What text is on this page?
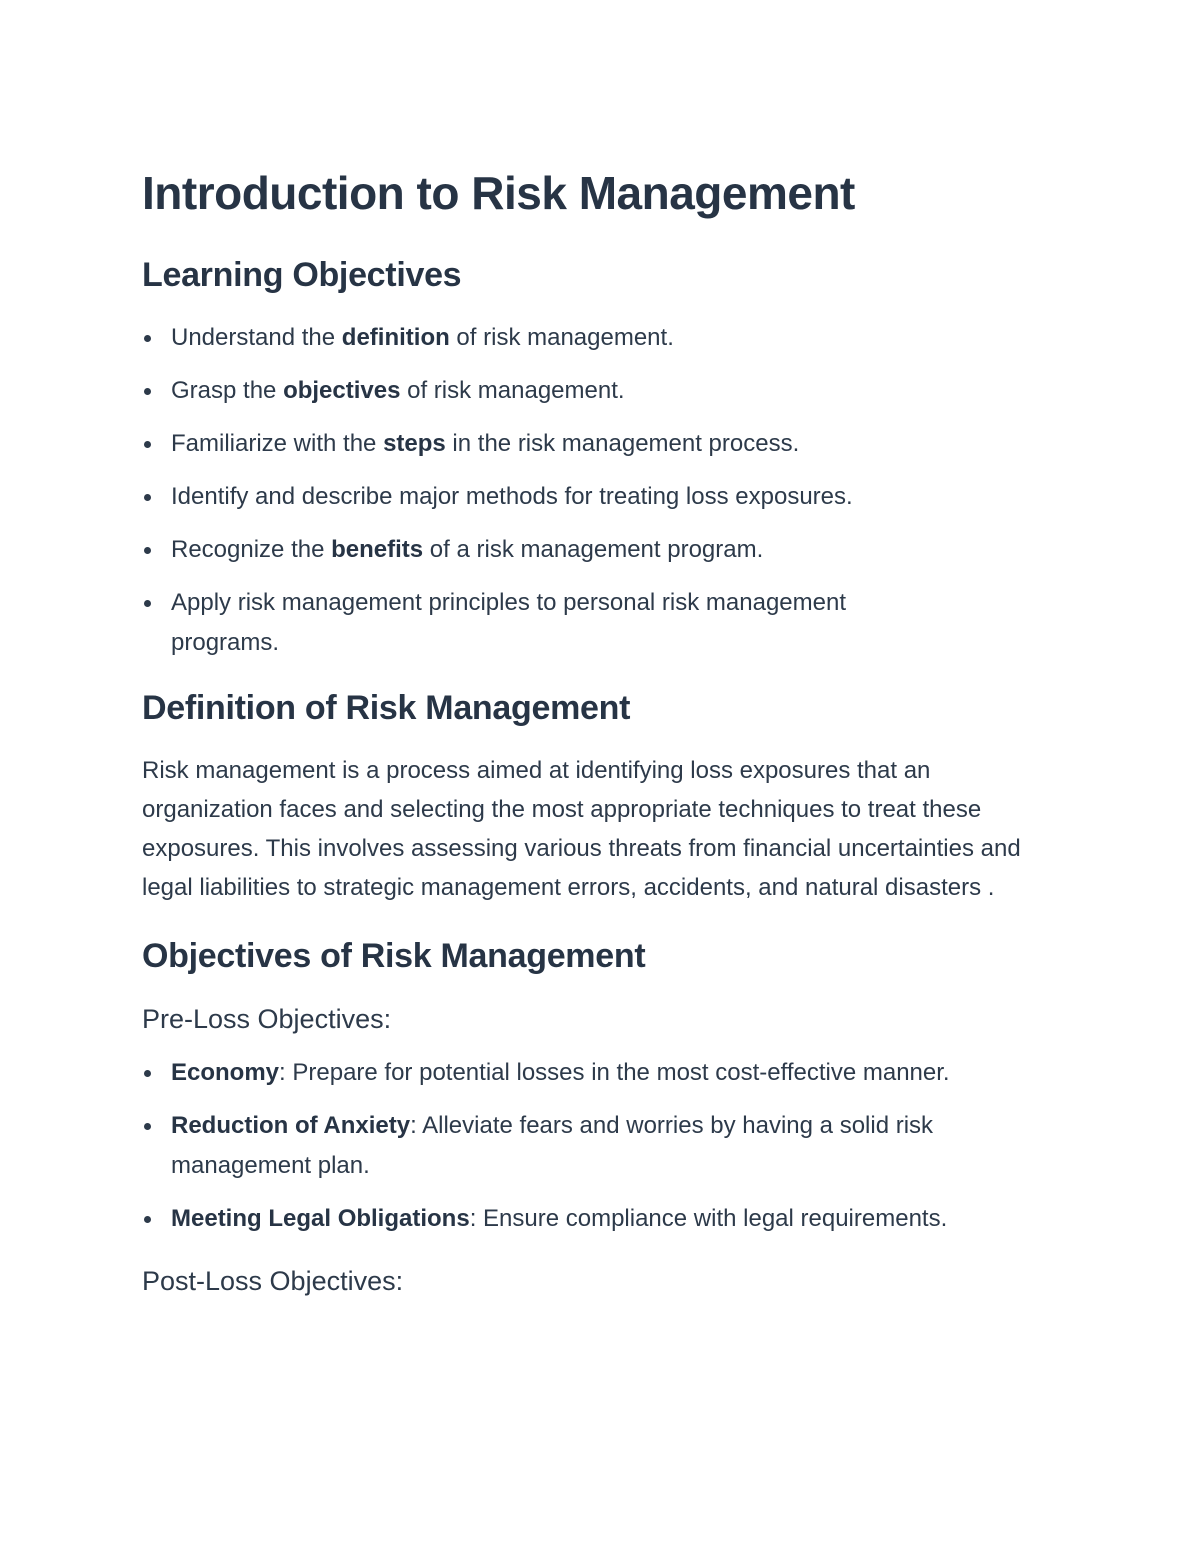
Introduction to Risk Management
Learning Objectives
Understand the definition of risk management.
Grasp the objectives of risk management.
Familiarize with the steps in the risk management process.
Identify and describe major methods for treating loss exposures.
Recognize the benefits of a risk management program.
Apply risk management principles to personal risk management programs.
Definition of Risk Management

Risk management is a process aimed at identifying loss exposures that an organization faces and selecting the most appropriate techniques to treat these exposures. This involves assessing various threats from financial uncertainties and legal liabilities to strategic management errors, accidents, and natural disasters .

Objectives of Risk Management
Pre-Loss Objectives:
Economy: Prepare for potential losses in the most cost-effective manner.
Reduction of Anxiety: Alleviate fears and worries by having a solid risk management plan.
Meeting Legal Obligations: Ensure compliance with legal requirements.
Post-Loss Objectives:
